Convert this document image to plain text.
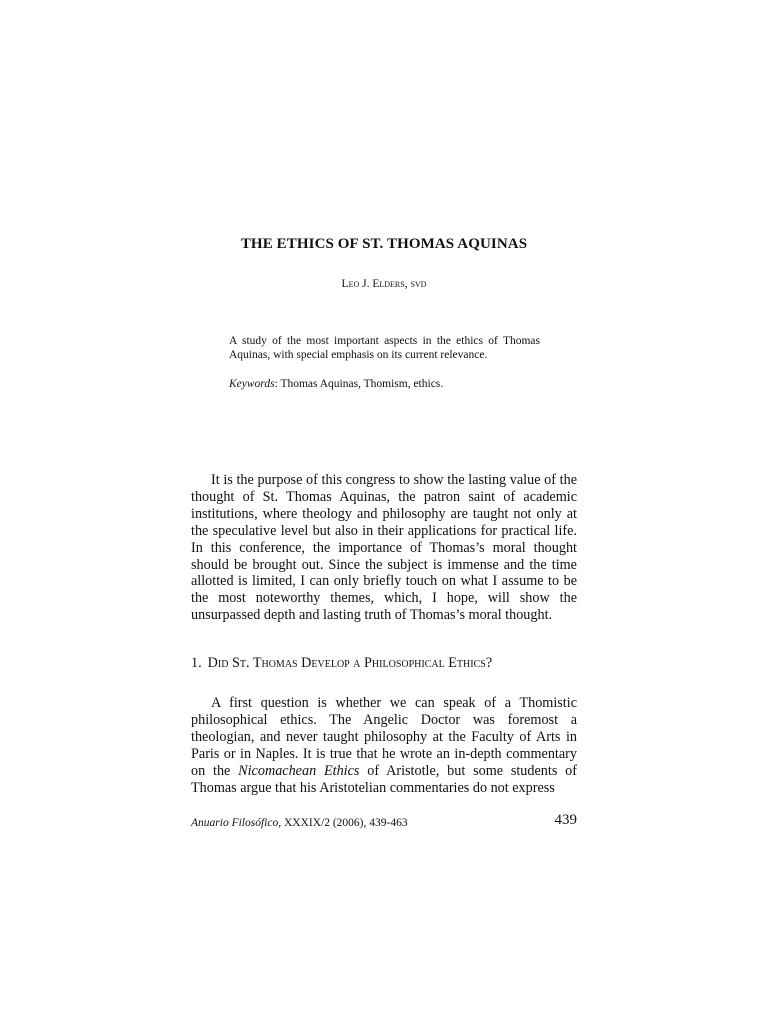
THE ETHICS OF ST. THOMAS AQUINAS
Leo J. Elders, svd
A study of the most important aspects in the ethics of Thomas Aquinas, with special emphasis on its current relevance.
Keywords: Thomas Aquinas, Thomism, ethics.

It is the purpose of this congress to show the lasting value of the thought of St. Thomas Aquinas, the patron saint of academic institutions, where theology and philosophy are taught not only at the speculative level but also in their applications for practical life. In this conference, the importance of Thomas’s moral thought should be brought out. Since the subject is immense and the time allotted is limited, I can only briefly touch on what I assume to be the most noteworthy themes, which, I hope, will show the unsurpassed depth and lasting truth of Thomas’s moral thought.

1. Did St. Thomas Develop a Philosophical Ethics?

A first question is whether we can speak of a Thomistic philosophical ethics. The Angelic Doctor was foremost a theologian, and never taught philosophy at the Faculty of Arts in Paris or in Naples. It is true that he wrote an in-depth commentary on the Nicomachean Ethics of Aristotle, but some students of Thomas argue that his Aristotelian commentaries do not express

Anuario Filosófico, XXXIX/2 (2006), 439-463	439
